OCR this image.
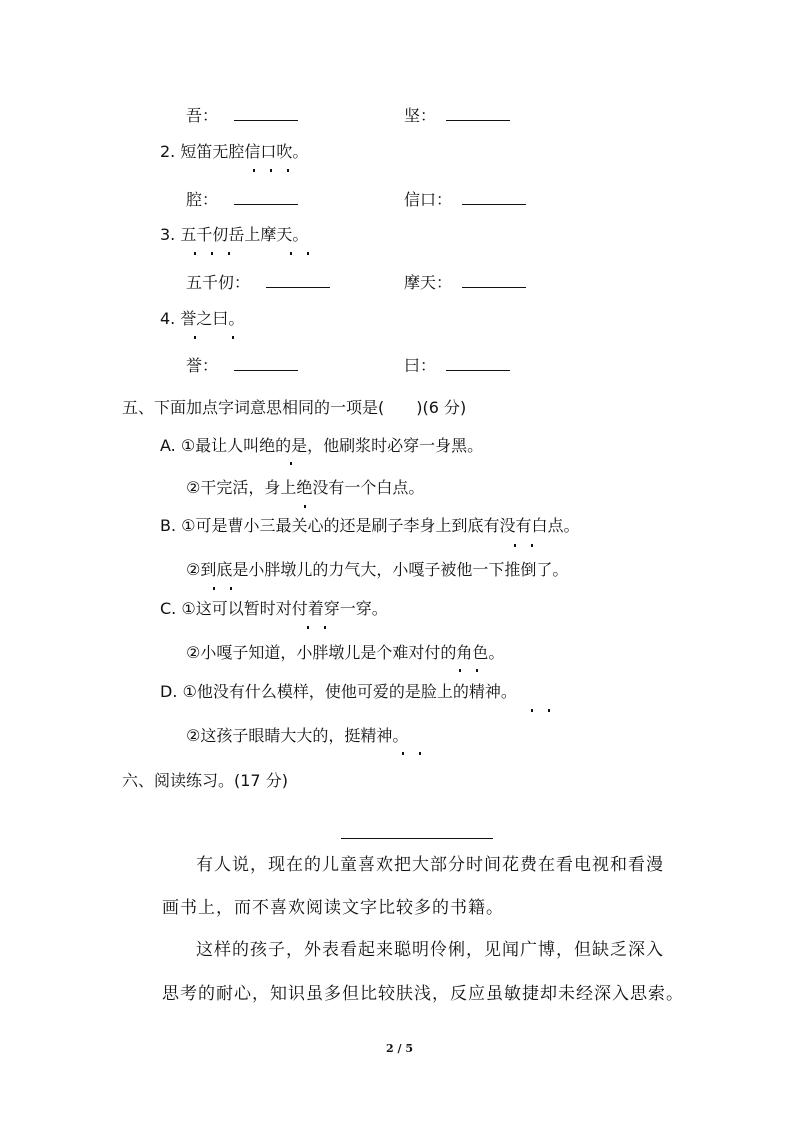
吾：	坚：
2. 短笛无腔信口吹。
腔：	信口：
3. 五千仞岳上摩天。
五千仞：	摩天：
4. 誉之曰。
誉：	曰：
五、下面加点字词意思相同的一项是(　　)(6 分)
A. ①最让人叫绝的是，他刷浆时必穿一身黑。
②干完活，身上绝没有一个白点。
B. ①可是曹小三最关心的还是刷子李身上到底有没有白点。
②到底是小胖墩儿的力气大，小嘎子被他一下推倒了。
C. ①这可以暂时对付着穿一穿。
②小嘎子知道，小胖墩儿是个难对付的角色。
D. ①他没有什么模样，使他可爱的是脸上的精神。
②这孩子眼睛大大的，挺精神。
六、阅读练习。(17 分)
有人说，现在的儿童喜欢把大部分时间花费在看电视和看漫
画书上，而不喜欢阅读文字比较多的书籍。
这样的孩子，外表看起来聪明伶俐，见闻广博，但缺乏深入
思考的耐心，知识虽多但比较肤浅，反应虽敏捷却未经深入思索。
2 / 5
